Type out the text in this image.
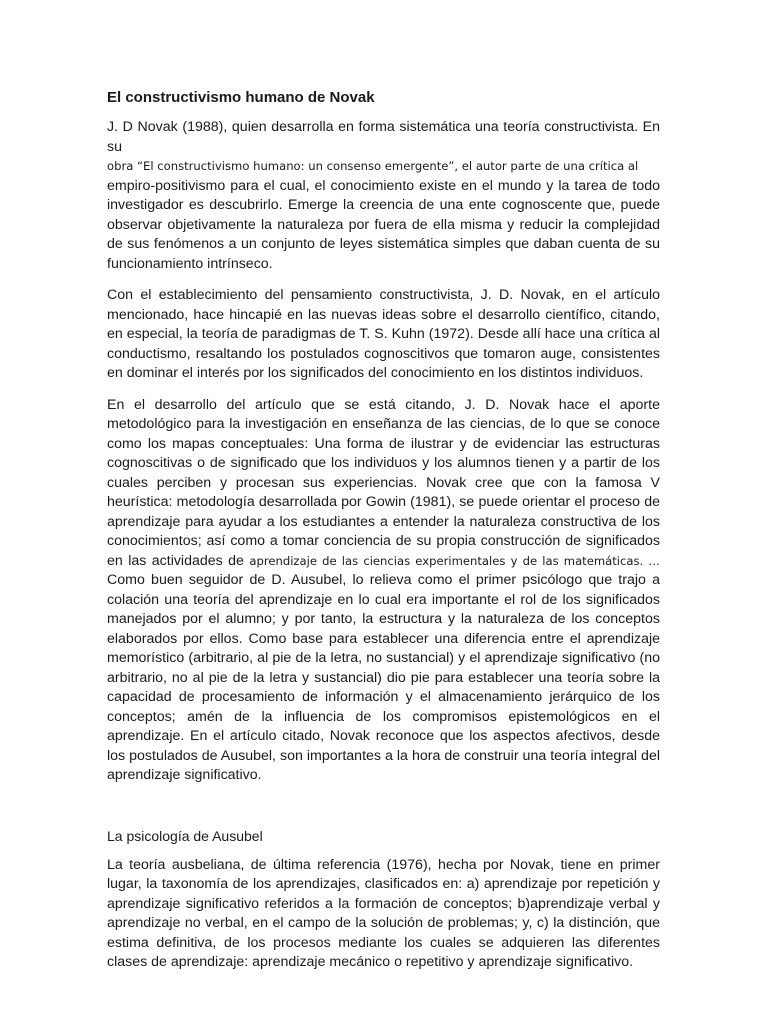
El constructivismo humano de Novak

J. D Novak (1988), quien desarrolla en forma sistemática una teoría constructivista. En su
obra “El constructivismo humano: un consenso emergente”, el autor parte de una crítica al
empiro-positivismo para el cual, el conocimiento existe en el mundo y la tarea de todo investigador es descubrirlo. Emerge la creencia de una ente cognoscente que, puede observar objetivamente la naturaleza por fuera de ella misma y reducir la complejidad de sus fenómenos a un conjunto de leyes sistemática simples que daban cuenta de su funcionamiento intrínseco.

Con el establecimiento del pensamiento constructivista, J. D. Novak, en el artículo mencionado, hace hincapié en las nuevas ideas sobre el desarrollo científico, citando, en especial, la teoría de paradigmas de T. S. Kuhn (1972). Desde allí hace una crítica al conductismo, resaltando los postulados cognoscitivos que tomaron auge, consistentes en dominar el interés por los significados del conocimiento en los distintos individuos.

En el desarrollo del artículo que se está citando, J. D. Novak hace el aporte metodológico para la investigación en enseñanza de las ciencias, de lo que se conoce como los mapas conceptuales: Una forma de ilustrar y de evidenciar las estructuras cognoscitivas o de significado que los individuos y los alumnos tienen y a partir de los cuales perciben y procesan sus experiencias. Novak cree que con la famosa V heurística: metodología desarrollada por Gowin (1981), se puede orientar el proceso de aprendizaje para ayudar a los estudiantes a entender la naturaleza constructiva de los conocimientos; así como a tomar conciencia de su propia construcción de significados en las actividades de aprendizaje de las ciencias experimentales y de las matemáticas. …Como buen seguidor de D. Ausubel, lo relieva como el primer psicólogo que trajo a colación una teoría del aprendizaje en lo cual era importante el rol de los significados manejados por el alumno; y por tanto, la estructura y la naturaleza de los conceptos elaborados por ellos. Como base para establecer una diferencia entre el aprendizaje memorístico (arbitrario, al pie de la letra, no sustancial) y el aprendizaje significativo (no arbitrario, no al pie de la letra y sustancial) dio pie para establecer una teoría sobre la capacidad de procesamiento de información y el almacenamiento jerárquico de los conceptos; amén de la influencia de los compromisos epistemológicos en el aprendizaje. En el artículo citado, Novak reconoce que los aspectos afectivos, desde los postulados de Ausubel, son importantes a la hora de construir una teoría integral del aprendizaje significativo.

La psicología de Ausubel

La teoría ausbeliana, de última referencia (1976), hecha por Novak, tiene en primer lugar, la taxonomía de los aprendizajes, clasificados en: a) aprendizaje por repetición y aprendizaje significativo referidos a la formación de conceptos; b)aprendizaje verbal y aprendizaje no verbal, en el campo de la solución de problemas; y, c) la distinción, que estima definitiva, de los procesos mediante los cuales se adquieren las diferentes clases de aprendizaje: aprendizaje mecánico o repetitivo y aprendizaje significativo.
